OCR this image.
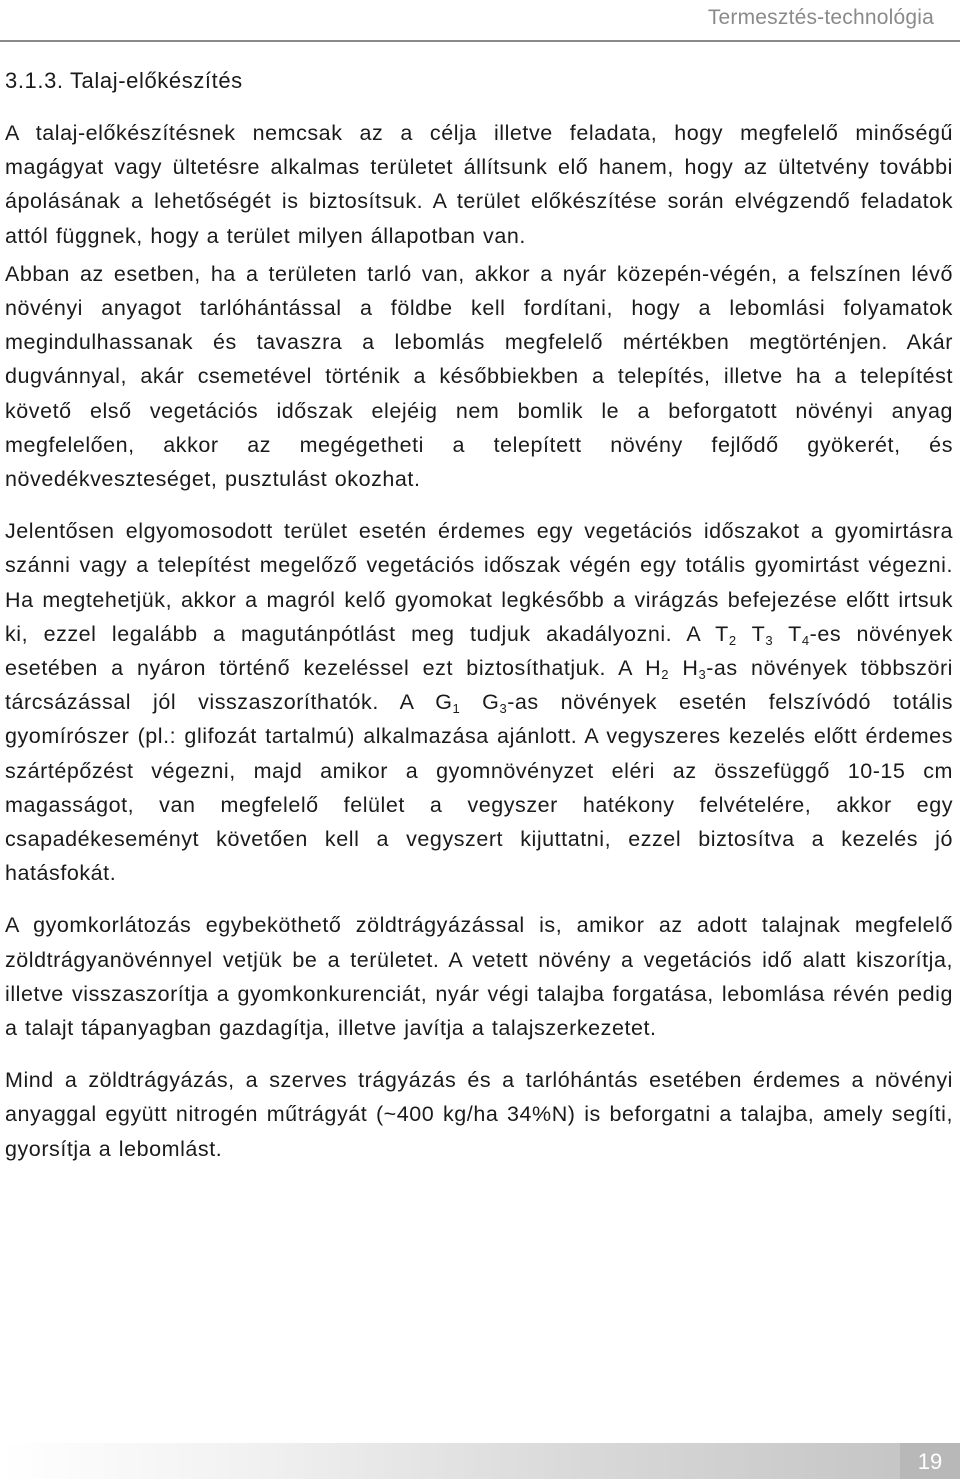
Termesztés-technológia
3.1.3. Talaj-előkészítés

A talaj-előkészítésnek nemcsak az a célja illetve feladata, hogy megfelelő minőségű magágyat vagy ültetésre alkalmas területet állítsunk elő hanem, hogy az ültetvény további ápolásának a lehetőségét is biztosítsuk. A terület előkészítése során elvégzendő feladatok attól függnek, hogy a terület milyen állapotban van.

Abban az esetben, ha a területen tarló van, akkor a nyár közepén-végén, a felszínen lévő növényi anyagot tarlóhántással a földbe kell fordítani, hogy a lebomlási folyamatok megindulhassanak és tavaszra a lebomlás megfelelő mértékben megtörténjen. Akár dugvánnyal, akár csemetével történik a későbbiekben a telepítés, illetve ha a telepítést követő első vegetációs időszak elejéig nem bomlik le a beforgatott növényi anyag megfelelően, akkor az megégetheti a telepített növény fejlődő gyökerét, és növedékveszteséget, pusztulást okozhat.

Jelentősen elgyomosodott terület esetén érdemes egy vegetációs időszakot a gyomirtásra szánni vagy a telepítést megelőző vegetációs időszak végén egy totális gyomirtást végezni. Ha megtehetjük, akkor a magról kelő gyomokat legkésőbb a virágzás befejezése előtt irtsuk ki, ezzel legalább a magutánpótlást meg tudjuk akadályozni. A $T_2$ $T_3$ $T_4-es$ növények esetében a nyáron történő kezeléssel ezt biztosíthatjuk. A $H_2$ $H_3-as$ növények többszöri tárcsázással jól visszaszoríthatók. A $G_1$ $G_3-as$ növények esetén felszívódó totális gyomírószer (pl.: glifozát tartalmú) alkalmazása ajánlott. A vegyszeres kezelés előtt érdemes szártépőzést végezni, majd amikor a gyomnövényzet eléri az összefüggő 10-15 cm magasságot, van megfelelő felület a vegyszer hatékony felvételére, akkor egy csapadékeseményt követően kell a vegyszert kijuttatni, ezzel biztosítva a kezelés jó hatásfokát.

A gyomkorlátozás egybeköthető zöldtrágyázással is, amikor az adott talajnak megfelelő zöldtrágyanövénnyel vetjük be a területet. A vetett növény a vegetációs idő alatt kiszorítja, illetve visszaszorítja a gyomkonkurenciát, nyár végi talajba forgatása, lebomlása révén pedig a talajt tápanyagban gazdagítja, illetve javítja a talajszerkezetet.

Mind a zöldtrágyázás, a szerves trágyázás és a tarlóhántás esetében érdemes a növényi anyaggal együtt nitrogén műtrágyát (~400 kg/ha 34%N) is beforgatni a talajba, amely segíti, gyorsítja a lebomlást.

19
